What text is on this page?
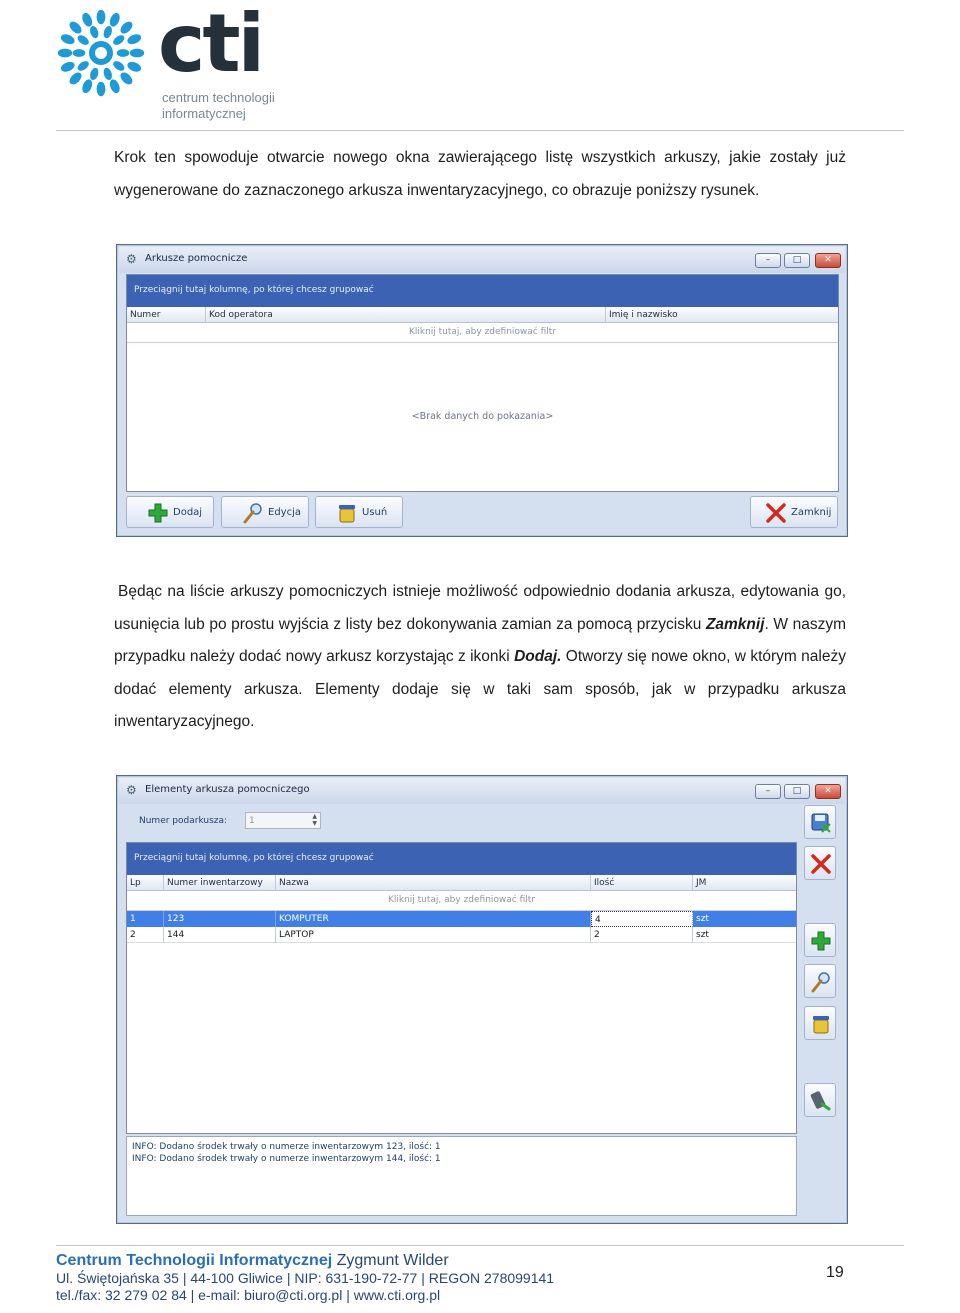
cti
centrum technologii
informatycznej

Krok ten spowoduje otwarcie nowego okna zawierającego listę wszystkich arkuszy, jakie zostały już wygenerowane do zaznaczonego arkusza inwentaryzacyjnego, co obrazuje poniższy rysunek.

⚙ Arkusze pomocnicze	–	□	✕
Przeciągnij tutaj kolumnę, po której chcesz grupować
Numer	Kod operatora	Imię i nazwisko
Kliknij tutaj, aby zdefiniować filtr
<Brak danych do pokazania>
Dodaj	Edycja	Usuń	Zamknij

Będąc na liście arkuszy pomocniczych istnieje możliwość odpowiednio dodania arkusza, edytowania go, usunięcia lub po prostu wyjścia z listy bez dokonywania zamian za pomocą przycisku Zamknij. W naszym przypadku należy dodać nowy arkusz korzystając z ikonki Dodaj. Otworzy się nowe okno, w którym należy dodać elementy arkusza. Elementy dodaje się w taki sam sposób, jak w przypadku arkusza inwentaryzacyjnego.

⚙ Elementy arkusza pomocniczego	–	□	✕
Numer podarkusza:	1	▲
▼
Przeciągnij tutaj kolumnę, po której chcesz grupować
Lp	Numer inwentarzowy	Nazwa	Ilość	JM
Kliknij tutaj, aby zdefiniować filtr
1	123	KOMPUTER	4	szt
2	144	LAPTOP	2	szt
INFO: Dodano środek trwały o numerze inwentarzowym 123, ilość: 1
INFO: Dodano środek trwały o numerze inwentarzowym 144, ilość: 1
Centrum Technologii Informatycznej Zygmunt Wilder
Ul. Świętojańska 35 | 44-100 Gliwice | NIP: 631-190-72-77 | REGON 278099141
tel./fax: 32 279 02 84 | e-mail: biuro@cti.org.pl | www.cti.org.pl
19
